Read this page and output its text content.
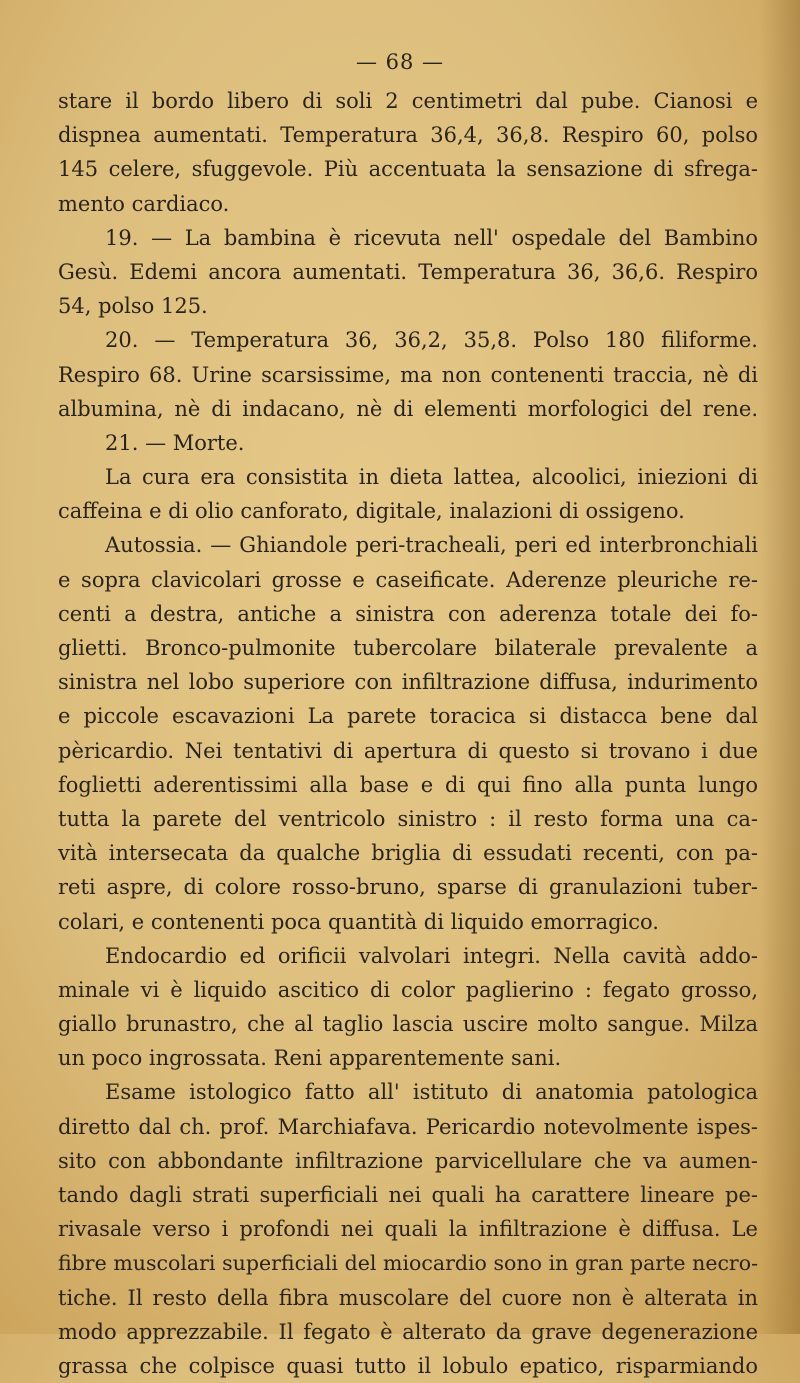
— 68 —
stare il bordo libero di soli 2 centimetri dal pube. Cianosi e
dispnea aumentati. Temperatura 36,4, 36,8. Respiro 60, polso
145 celere, sfuggevole. Più accentuata la sensazione di sfrega-
mento cardiaco.
19. — La bambina è ricevuta nell' ospedale del Bambino
Gesù. Edemi ancora aumentati. Temperatura 36, 36,6. Respiro
54, polso 125.
20. — Temperatura 36, 36,2, 35,8. Polso 180 filiforme.
Respiro 68. Urine scarsissime, ma non contenenti traccia, nè di
albumina, nè di indacano, nè di elementi morfologici del rene.
21. — Morte.
La cura era consistita in dieta lattea, alcoolici, iniezioni di
caffeina e di olio canforato, digitale, inalazioni di ossigeno.
Autossia. — Ghiandole peri-tracheali, peri ed interbronchiali
e sopra clavicolari grosse e caseificate. Aderenze pleuriche re-
centi a destra, antiche a sinistra con aderenza totale dei fo-
glietti. Bronco-pulmonite tubercolare bilaterale prevalente a
sinistra nel lobo superiore con infiltrazione diffusa, indurimento
e piccole escavazioni La parete toracica si distacca bene dal
pèricardio. Nei tentativi di apertura di questo si trovano i due
foglietti aderentissimi alla base e di qui fino alla punta lungo
tutta la parete del ventricolo sinistro : il resto forma una ca-
vità intersecata da qualche briglia di essudati recenti, con pa-
reti aspre, di colore rosso-bruno, sparse di granulazioni tuber-
colari, e contenenti poca quantità di liquido emorragico.
Endocardio ed orificii valvolari integri. Nella cavità addo-
minale vi è liquido ascitico di color paglierino : fegato grosso,
giallo brunastro, che al taglio lascia uscire molto sangue. Milza
un poco ingrossata. Reni apparentemente sani.
Esame istologico fatto all' istituto di anatomia patologica
diretto dal ch. prof. Marchiafava. Pericardio notevolmente ispes-
sito con abbondante infiltrazione parvicellulare che va aumen-
tando dagli strati superficiali nei quali ha carattere lineare pe-
rivasale verso i profondi nei quali la infiltrazione è diffusa. Le
fibre muscolari superficiali del miocardio sono in gran parte necro-
tiche. Il resto della fibra muscolare del cuore non è alterata in
modo apprezzabile. Il fegato è alterato da grave degenerazione
grassa che colpisce quasi tutto il lobulo epatico, risparmiando
